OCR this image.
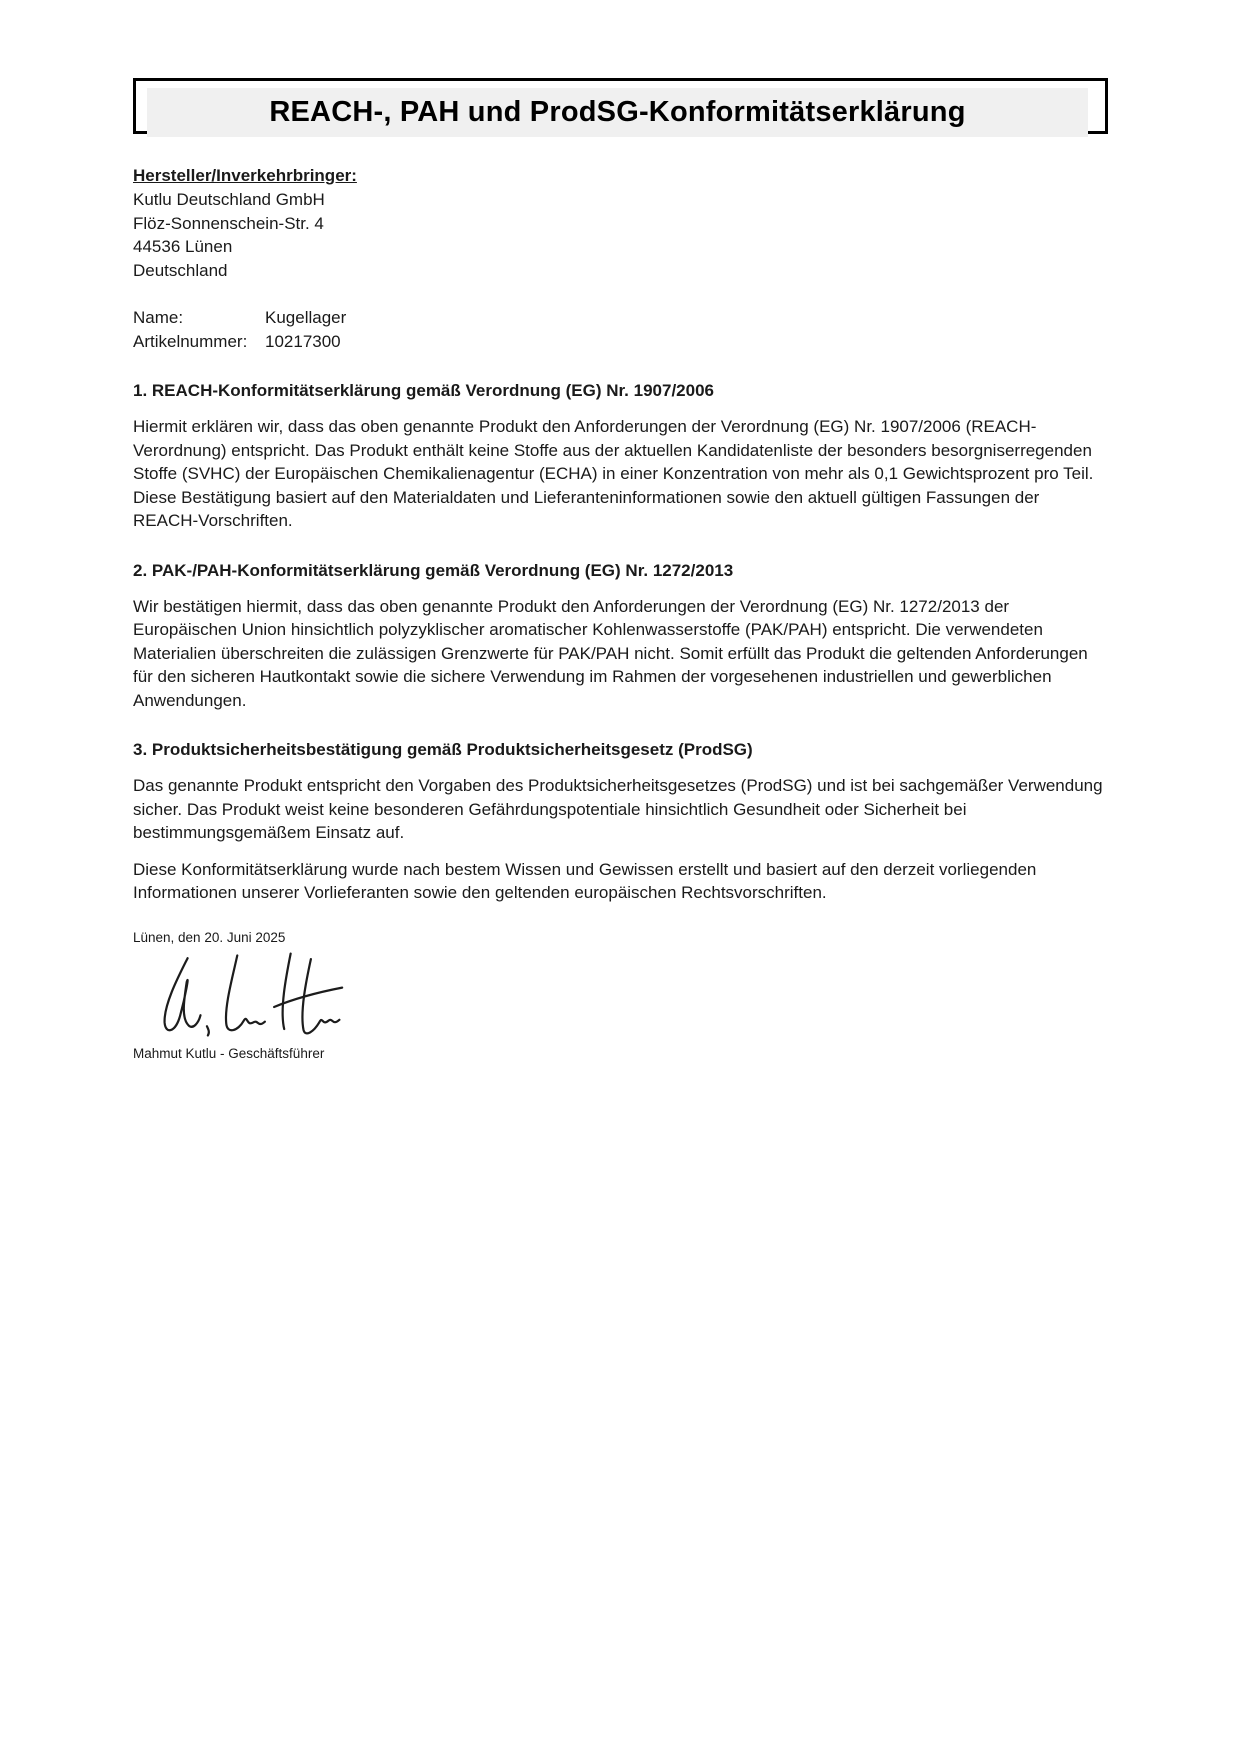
REACH-, PAH und ProdSG-Konformitätserklärung
Hersteller/Inverkehrbringer:
Kutlu Deutschland GmbH
Flöz-Sonnenschein-Str. 4
44536 Lünen
Deutschland
Name:	Kugellager
Artikelnummer:	10217300
1. REACH-Konformitätserklärung gemäß Verordnung (EG) Nr. 1907/2006

Hiermit erklären wir, dass das oben genannte Produkt den Anforderungen der Verordnung (EG) Nr. 1907/2006 (REACH-Verordnung) entspricht. Das Produkt enthält keine Stoffe aus der aktuellen Kandidatenliste der besonders besorgniserregenden Stoffe (SVHC) der Europäischen Chemikalienagentur (ECHA) in einer Konzentration von mehr als 0,1 Gewichtsprozent pro Teil. Diese Bestätigung basiert auf den Materialdaten und Lieferanteninformationen sowie den aktuell gültigen Fassungen der REACH-Vorschriften.

2. PAK-/PAH-Konformitätserklärung gemäß Verordnung (EG) Nr. 1272/2013

Wir bestätigen hiermit, dass das oben genannte Produkt den Anforderungen der Verordnung (EG) Nr. 1272/2013 der Europäischen Union hinsichtlich polyzyklischer aromatischer Kohlenwasserstoffe (PAK/PAH) entspricht. Die verwendeten Materialien überschreiten die zulässigen Grenzwerte für PAK/PAH nicht. Somit erfüllt das Produkt die geltenden Anforderungen für den sicheren Hautkontakt sowie die sichere Verwendung im Rahmen der vorgesehenen industriellen und gewerblichen Anwendungen.

3. Produktsicherheitsbestätigung gemäß Produktsicherheitsgesetz (ProdSG)

Das genannte Produkt entspricht den Vorgaben des Produktsicherheitsgesetzes (ProdSG) und ist bei sachgemäßer Verwendung sicher. Das Produkt weist keine besonderen Gefährdungspotentiale hinsichtlich Gesundheit oder Sicherheit bei bestimmungsgemäßem Einsatz auf.

Diese Konformitätserklärung wurde nach bestem Wissen und Gewissen erstellt und basiert auf den derzeit vorliegenden Informationen unserer Vorlieferanten sowie den geltenden europäischen Rechtsvorschriften.

Lünen, den 20. Juni 2025
Mahmut Kutlu - Geschäftsführer
